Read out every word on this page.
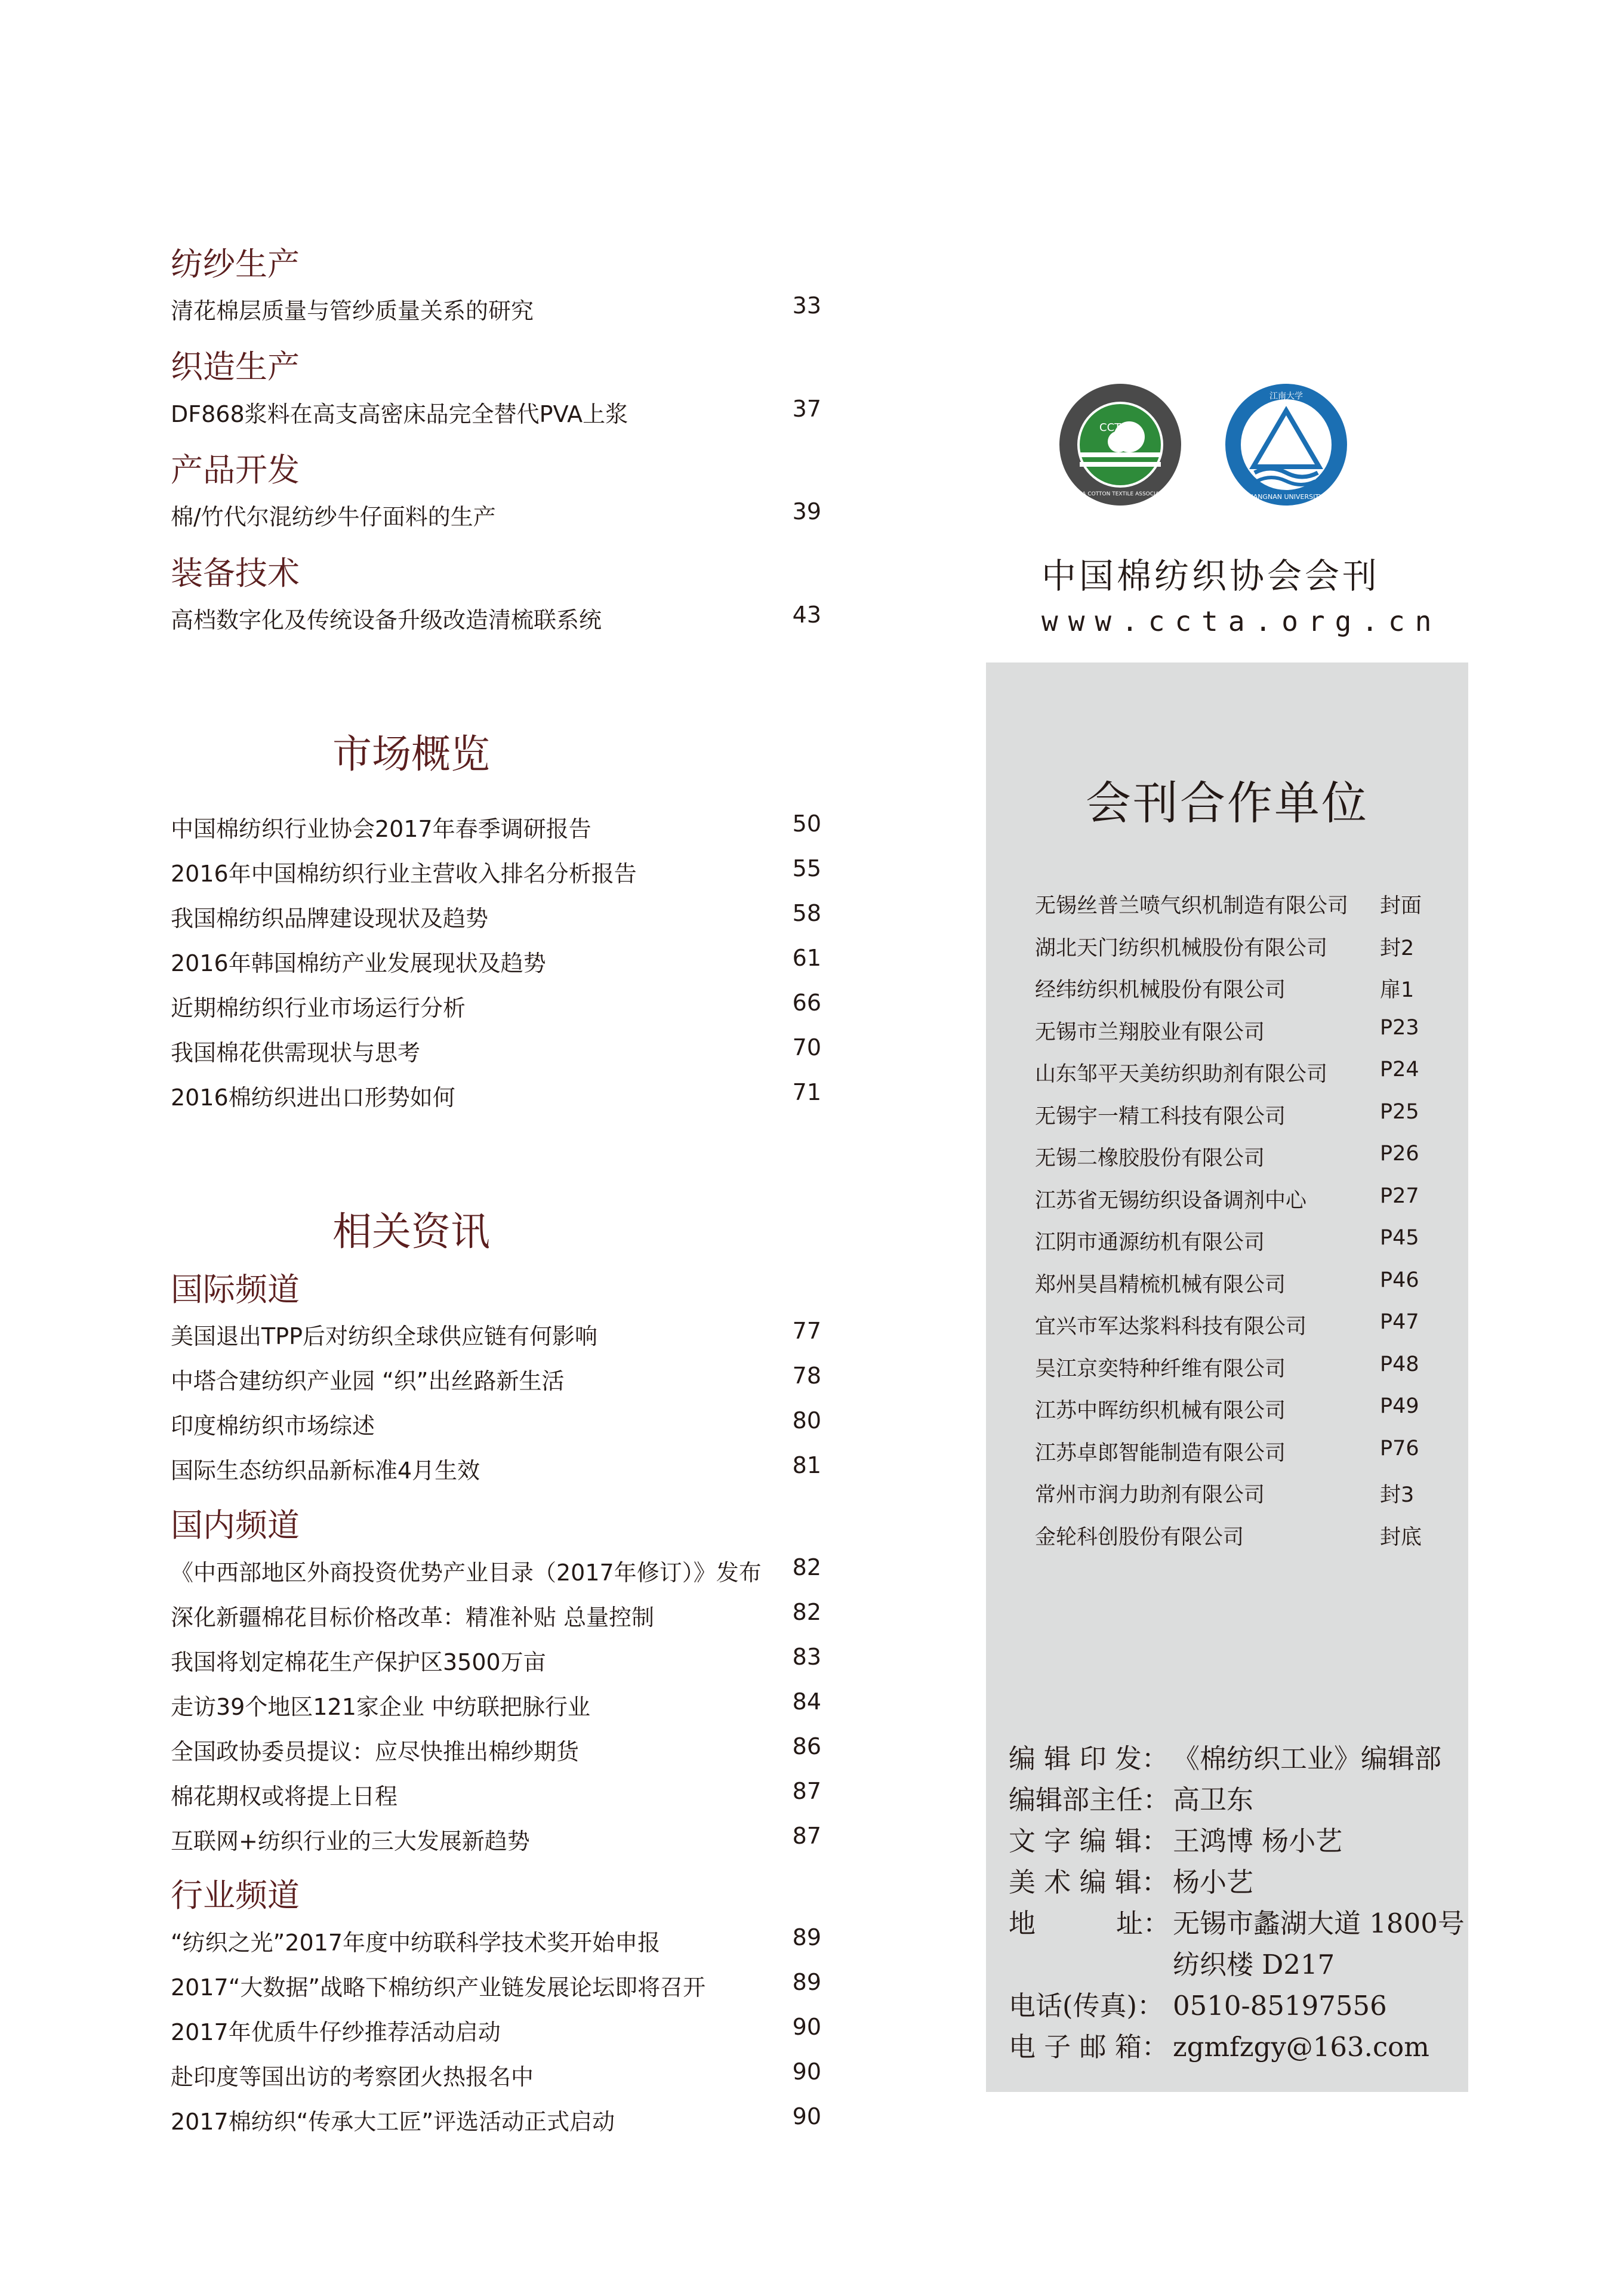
纺纱生产
清花棉层质量与管纱质量关系的研究	33
织造生产
DF868浆料在高支高密床品完全替代PVA上浆	37
产品开发
棉/竹代尔混纺纱牛仔面料的生产	39
装备技术
高档数字化及传统设备升级改造清梳联系统	43
市场概览
中国棉纺织行业协会2017年春季调研报告	50
2016年中国棉纺织行业主营收入排名分析报告	55
我国棉纺织品牌建设现状及趋势	58
2016年韩国棉纺产业发展现状及趋势	61
近期棉纺织行业市场运行分析	66
我国棉花供需现状与思考	70
2016棉纺织进出口形势如何	71
相关资讯
国际频道
美国退出TPP后对纺织全球供应链有何影响	77
中塔合建纺织产业园 “织”出丝路新生活	78
印度棉纺织市场综述	80
国际生态纺织品新标准4月生效	81
国内频道
《中西部地区外商投资优势产业目录（2017年修订）》发布 82
深化新疆棉花目标价格改革：精准补贴 总量控制	82
我国将划定棉花生产保护区3500万亩	83
走访39个地区121家企业 中纺联把脉行业	84
全国政协委员提议：应尽快推出棉纱期货	86
棉花期权或将提上日程	87
互联网+纺织行业的三大发展新趋势	87
行业频道
“纺织之光”2017年度中纺联科学技术奖开始申报	89
2017“大数据”战略下棉纺织产业链发展论坛即将召开	89
2017年优质牛仔纱推荐活动启动	90
赴印度等国出访的考察团火热报名中	90
2017棉纺织“传承大工匠”评选活动正式启动	90
CCTA
CHINA COTTON TEXTILE ASSOCIATION
江南大学
JIANGNAN UNIVERSITY
中国棉纺织协会会刊
www.ccta.org.cn
会刊合作单位
无锡丝普兰喷气织机制造有限公司 封面
湖北天门纺织机械股份有限公司	封2
经纬纺织机械股份有限公司	扉1
无锡市兰翔胶业有限公司	P23
山东邹平天美纺织助剂有限公司	P24
无锡宇一精工科技有限公司	P25
无锡二橡胶股份有限公司	P26
江苏省无锡纺织设备调剂中心	P27
江阴市通源纺机有限公司	P45
郑州昊昌精梳机械有限公司	P46
宜兴市军达浆料科技有限公司	P47
吴江京奕特种纤维有限公司	P48
江苏中晖纺织机械有限公司	P49
江苏卓郎智能制造有限公司	P76
常州市润力助剂有限公司	封3
金轮科创股份有限公司	封底
编 辑 印 发： 《棉纺织工业》编辑部
编辑部主任： 高卫东
文 字 编 辑： 王鸿博 杨小艺
美 术 编 辑： 杨小艺
地　　　址： 无锡市蠡湖大道 1800号
纺织楼 D217
电话(传真)： 0510-85197556
电 子 邮 箱： zgmfzgy@163.com
